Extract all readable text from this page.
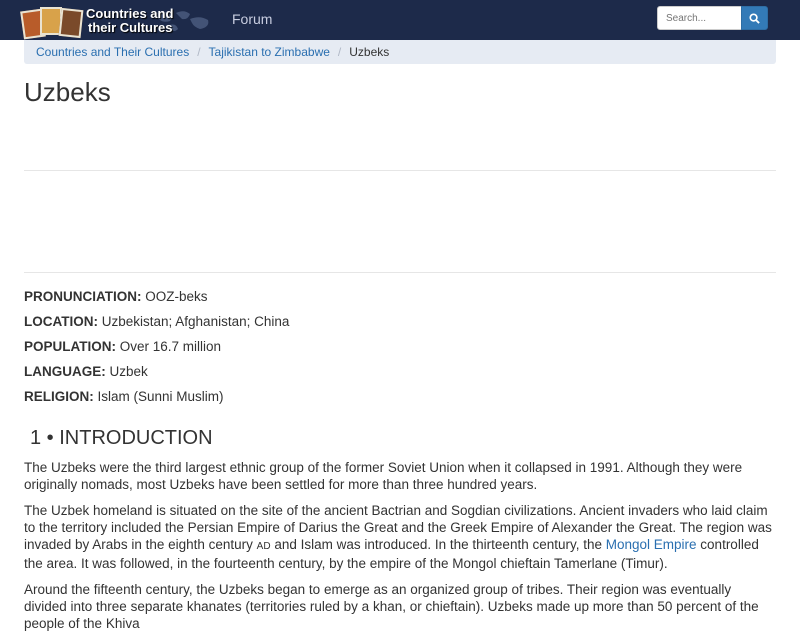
Countries and
their Cultures
Forum
Search...
Countries and Their Cultures / Tajikistan to Zimbabwe / Uzbeks
Uzbeks
PRONUNCIATION: OOZ-beks
LOCATION: Uzbekistan; Afghanistan; China
POPULATION: Over 16.7 million
LANGUAGE: Uzbek
RELIGION: Islam (Sunni Muslim)
1 • INTRODUCTION

The Uzbeks were the third largest ethnic group of the former Soviet Union when it collapsed in 1991. Although they were originally nomads, most Uzbeks have been settled for more than three hundred years.

The Uzbek homeland is situated on the site of the ancient Bactrian and Sogdian civilizations. Ancient invaders who laid claim to the territory included the Persian Empire of Darius the Great and the Greek Empire of Alexander the Great. The region was invaded by Arabs in the eighth century AD and Islam was introduced. In the thirteenth century, the Mongol Empire controlled the area. It was followed, in the fourteenth century, by the empire of the Mongol chieftain Tamerlane (Timur).

Around the fifteenth century, the Uzbeks began to emerge as an organized group of tribes. Their region was eventually divided into three separate khanates (territories ruled by a khan, or chieftain). Uzbeks made up more than 50 percent of the people of the Khiva
